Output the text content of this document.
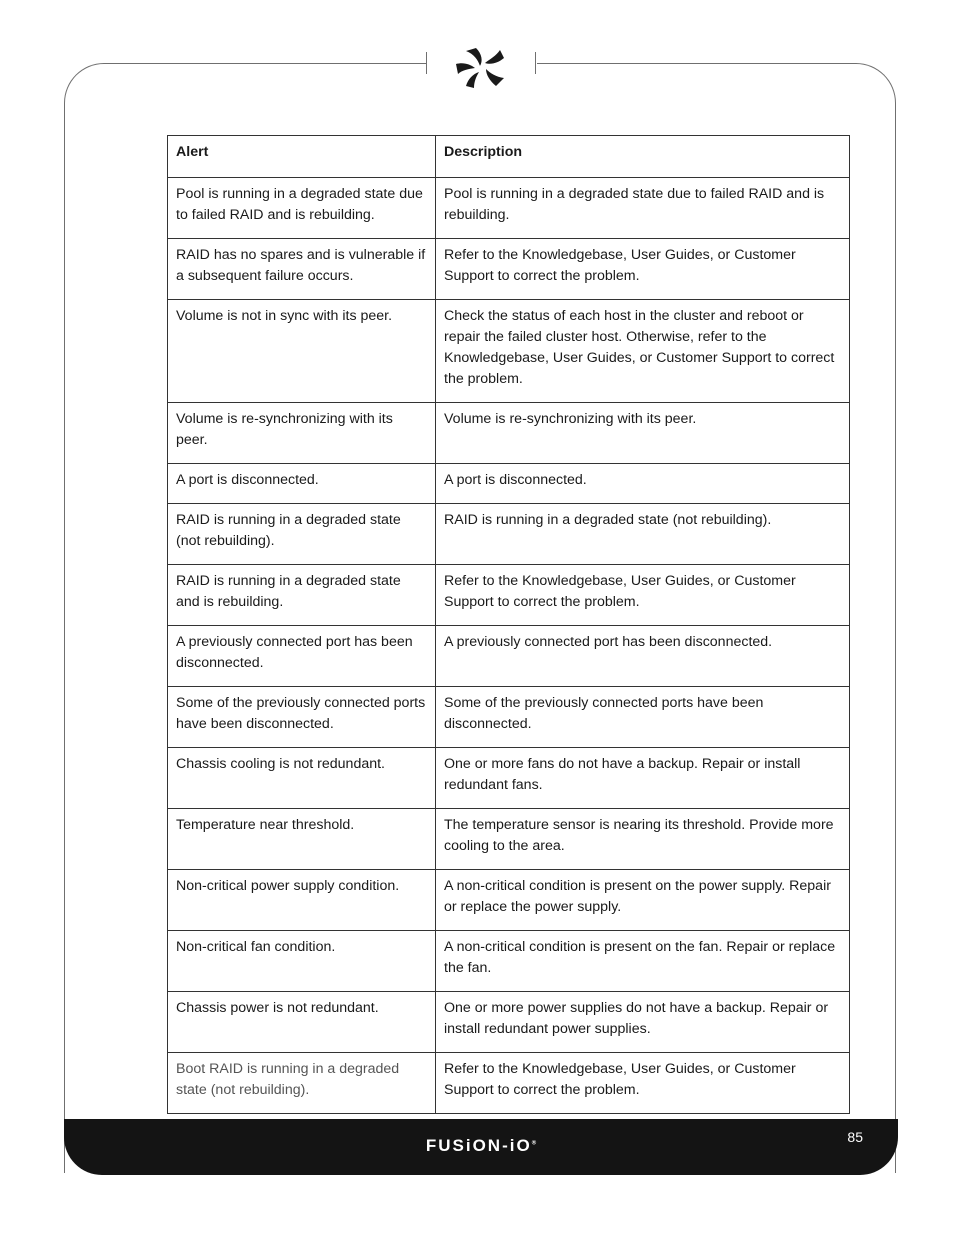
Alert	Description
Pool is running in a degraded state due to failed RAID and is rebuilding.	Pool is running in a degraded state due to failed RAID and is rebuilding.
RAID has no spares and is vulnerable if a subsequent failure occurs.	Refer to the Knowledgebase, User Guides, or Customer Support to correct the problem.
Volume is not in sync with its peer.	Check the status of each host in the cluster and reboot or repair the failed cluster host. Otherwise, refer to the Knowledgebase, User Guides, or Customer Support to correct the problem.
Volume is re-synchronizing with its peer.	Volume is re-synchronizing with its peer.
A port is disconnected.	A port is disconnected.
RAID is running in a degraded state (not rebuilding).	RAID is running in a degraded state (not rebuilding).
RAID is running in a degraded state and is rebuilding.	Refer to the Knowledgebase, User Guides, or Customer Support to correct the problem.
A previously connected port has been disconnected.	A previously connected port has been disconnected.
Some of the previously connected ports have been disconnected.	Some of the previously connected ports have been disconnected.
Chassis cooling is not redundant.	One or more fans do not have a backup. Repair or install redundant fans.
Temperature near threshold.	The temperature sensor is nearing its threshold. Provide more cooling to the area.
Non-critical power supply condition.	A non-critical condition is present on the power supply. Repair or replace the power supply.
Non-critical fan condition.	A non-critical condition is present on the fan. Repair or replace the fan.
Chassis power is not redundant.	One or more power supplies do not have a backup. Repair or install redundant power supplies.
Boot RAID is running in a degraded state (not rebuilding).	Refer to the Knowledgebase, User Guides, or Customer Support to correct the problem.
FUSiON-iO®	85
